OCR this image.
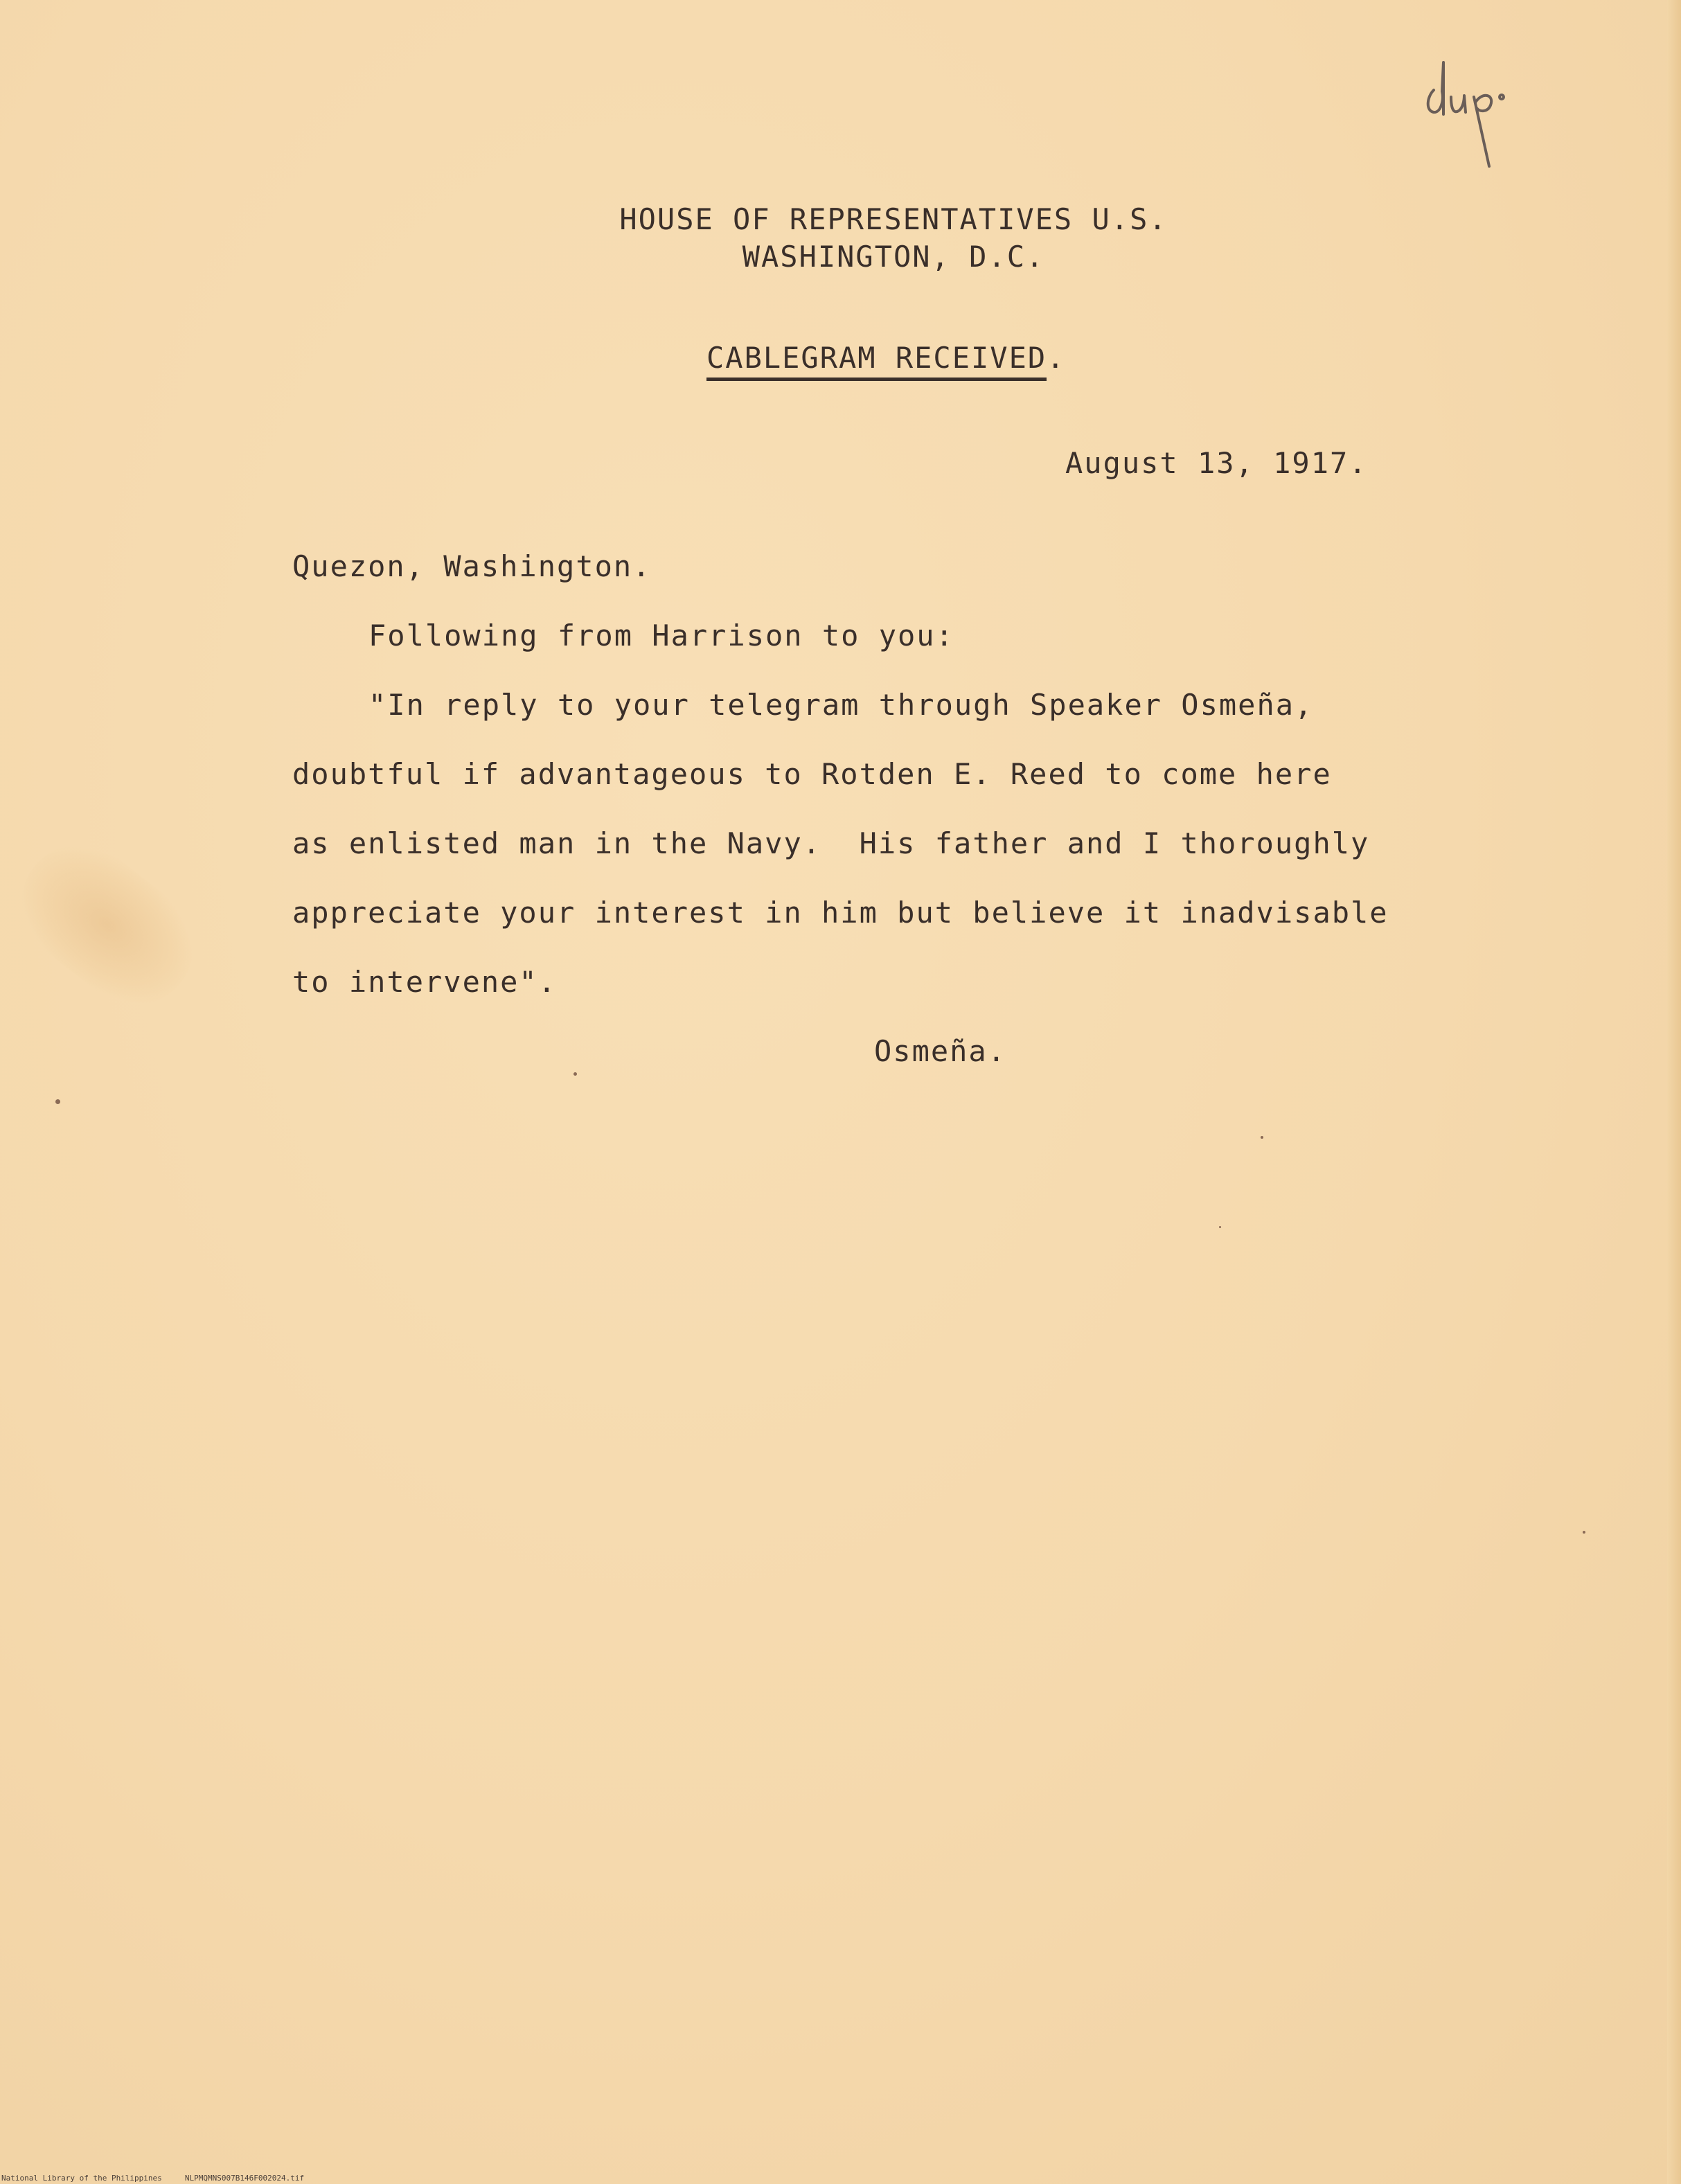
HOUSE OF REPRESENTATIVES U.S.
WASHINGTON, D.C.
CABLEGRAM RECEIVED.
August 13, 1917.
Quezon, Washington.
Following from Harrison to you:
"In reply to your telegram through Speaker Osmeña,
doubtful if advantageous to Rotden E. Reed to come here
as enlisted man in the Navy.  His father and I thoroughly
appreciate your interest in him but believe it inadvisable
to intervene".
Osmeña.
National Library of the Philippines	NLPMQMNS007B146F002024.tif
